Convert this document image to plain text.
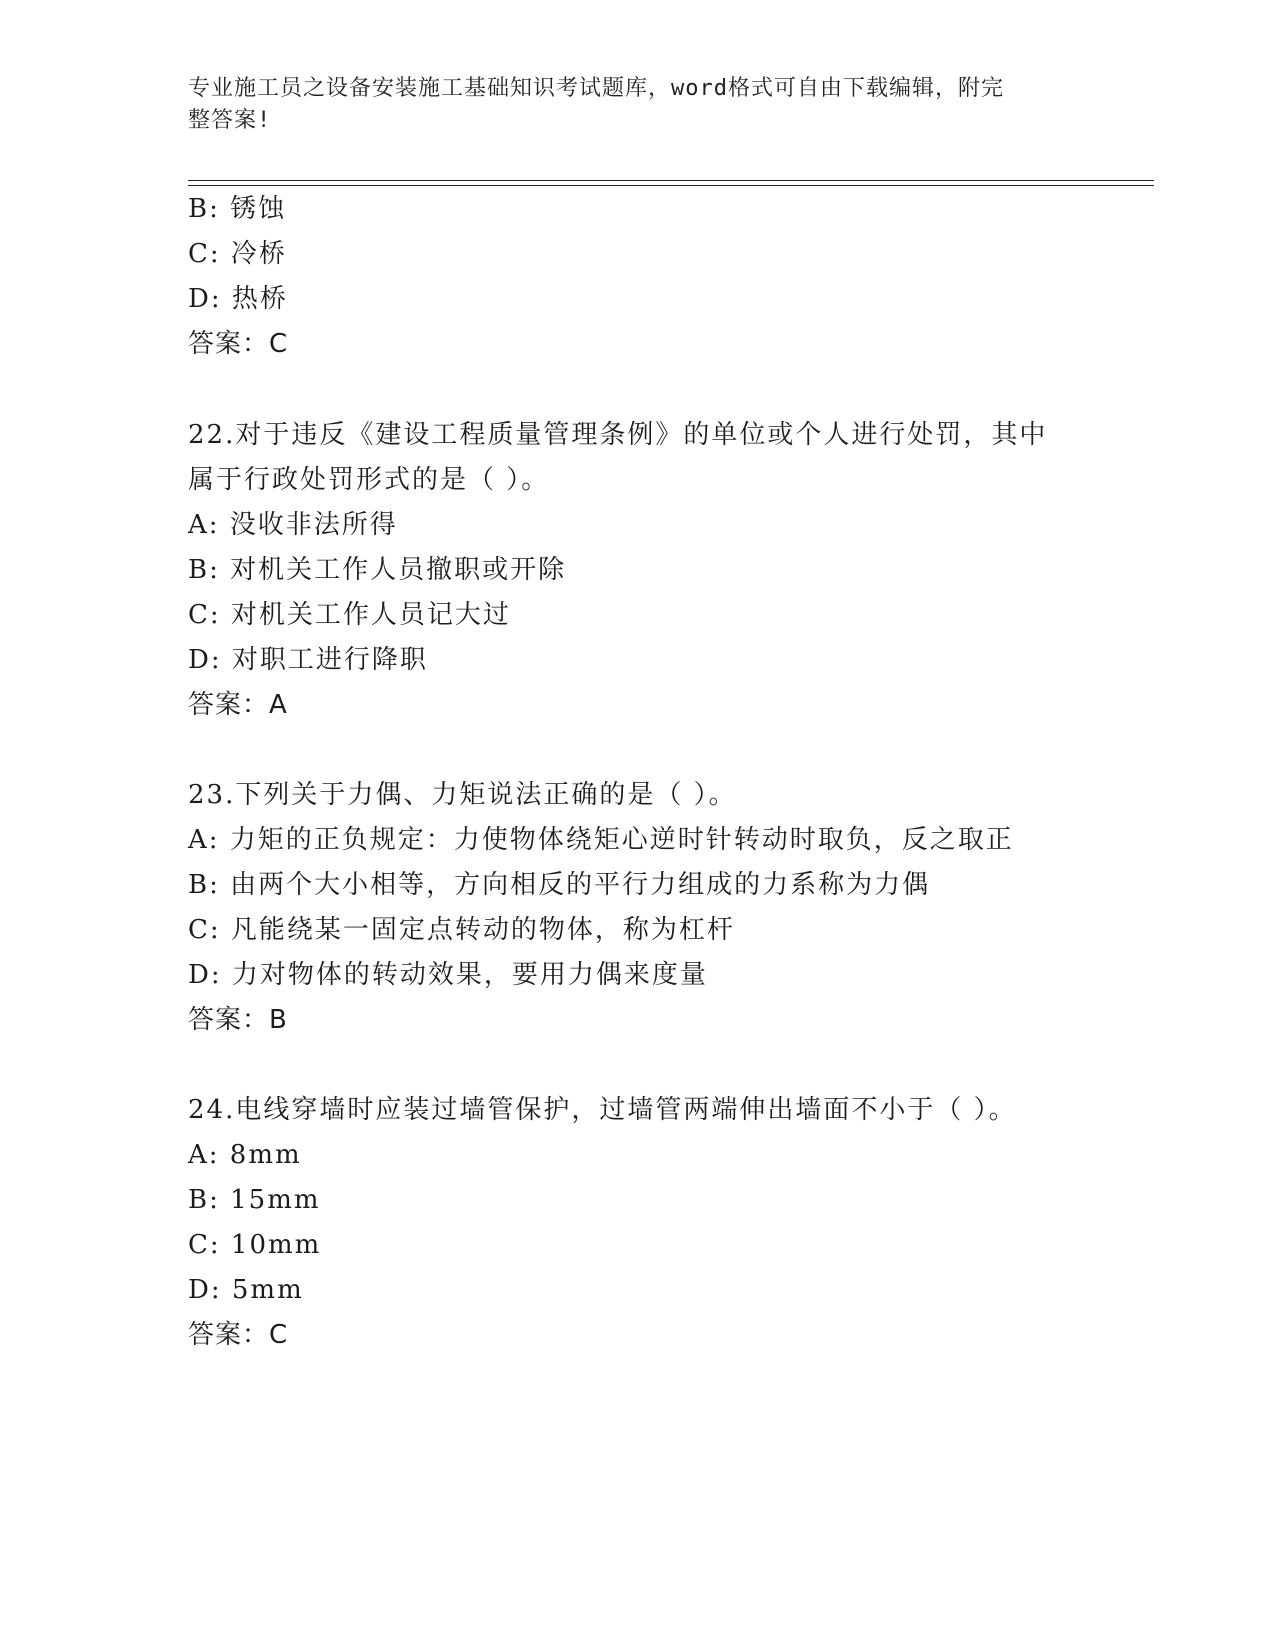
专业施工员之设备安装施工基础知识考试题库，word格式可自由下载编辑，附完
整答案!
B: 锈蚀
C: 冷桥
D: 热桥
答案：C
22.对于违反《建设工程质量管理条例》的单位或个人进行处罚，其中
属于行政处罚形式的是（ ）。
A: 没收非法所得
B: 对机关工作人员撤职或开除
C: 对机关工作人员记大过
D: 对职工进行降职
答案：A
23.下列关于力偶、力矩说法正确的是（ ）。
A: 力矩的正负规定：力使物体绕矩心逆时针转动时取负，反之取正
B: 由两个大小相等，方向相反的平行力组成的力系称为力偶
C: 凡能绕某一固定点转动的物体，称为杠杆
D: 力对物体的转动效果，要用力偶来度量
答案：B
24.电线穿墙时应装过墙管保护，过墙管两端伸出墙面不小于（ ）。
A: 8mm
B: 15mm
C: 10mm
D: 5mm
答案：C
